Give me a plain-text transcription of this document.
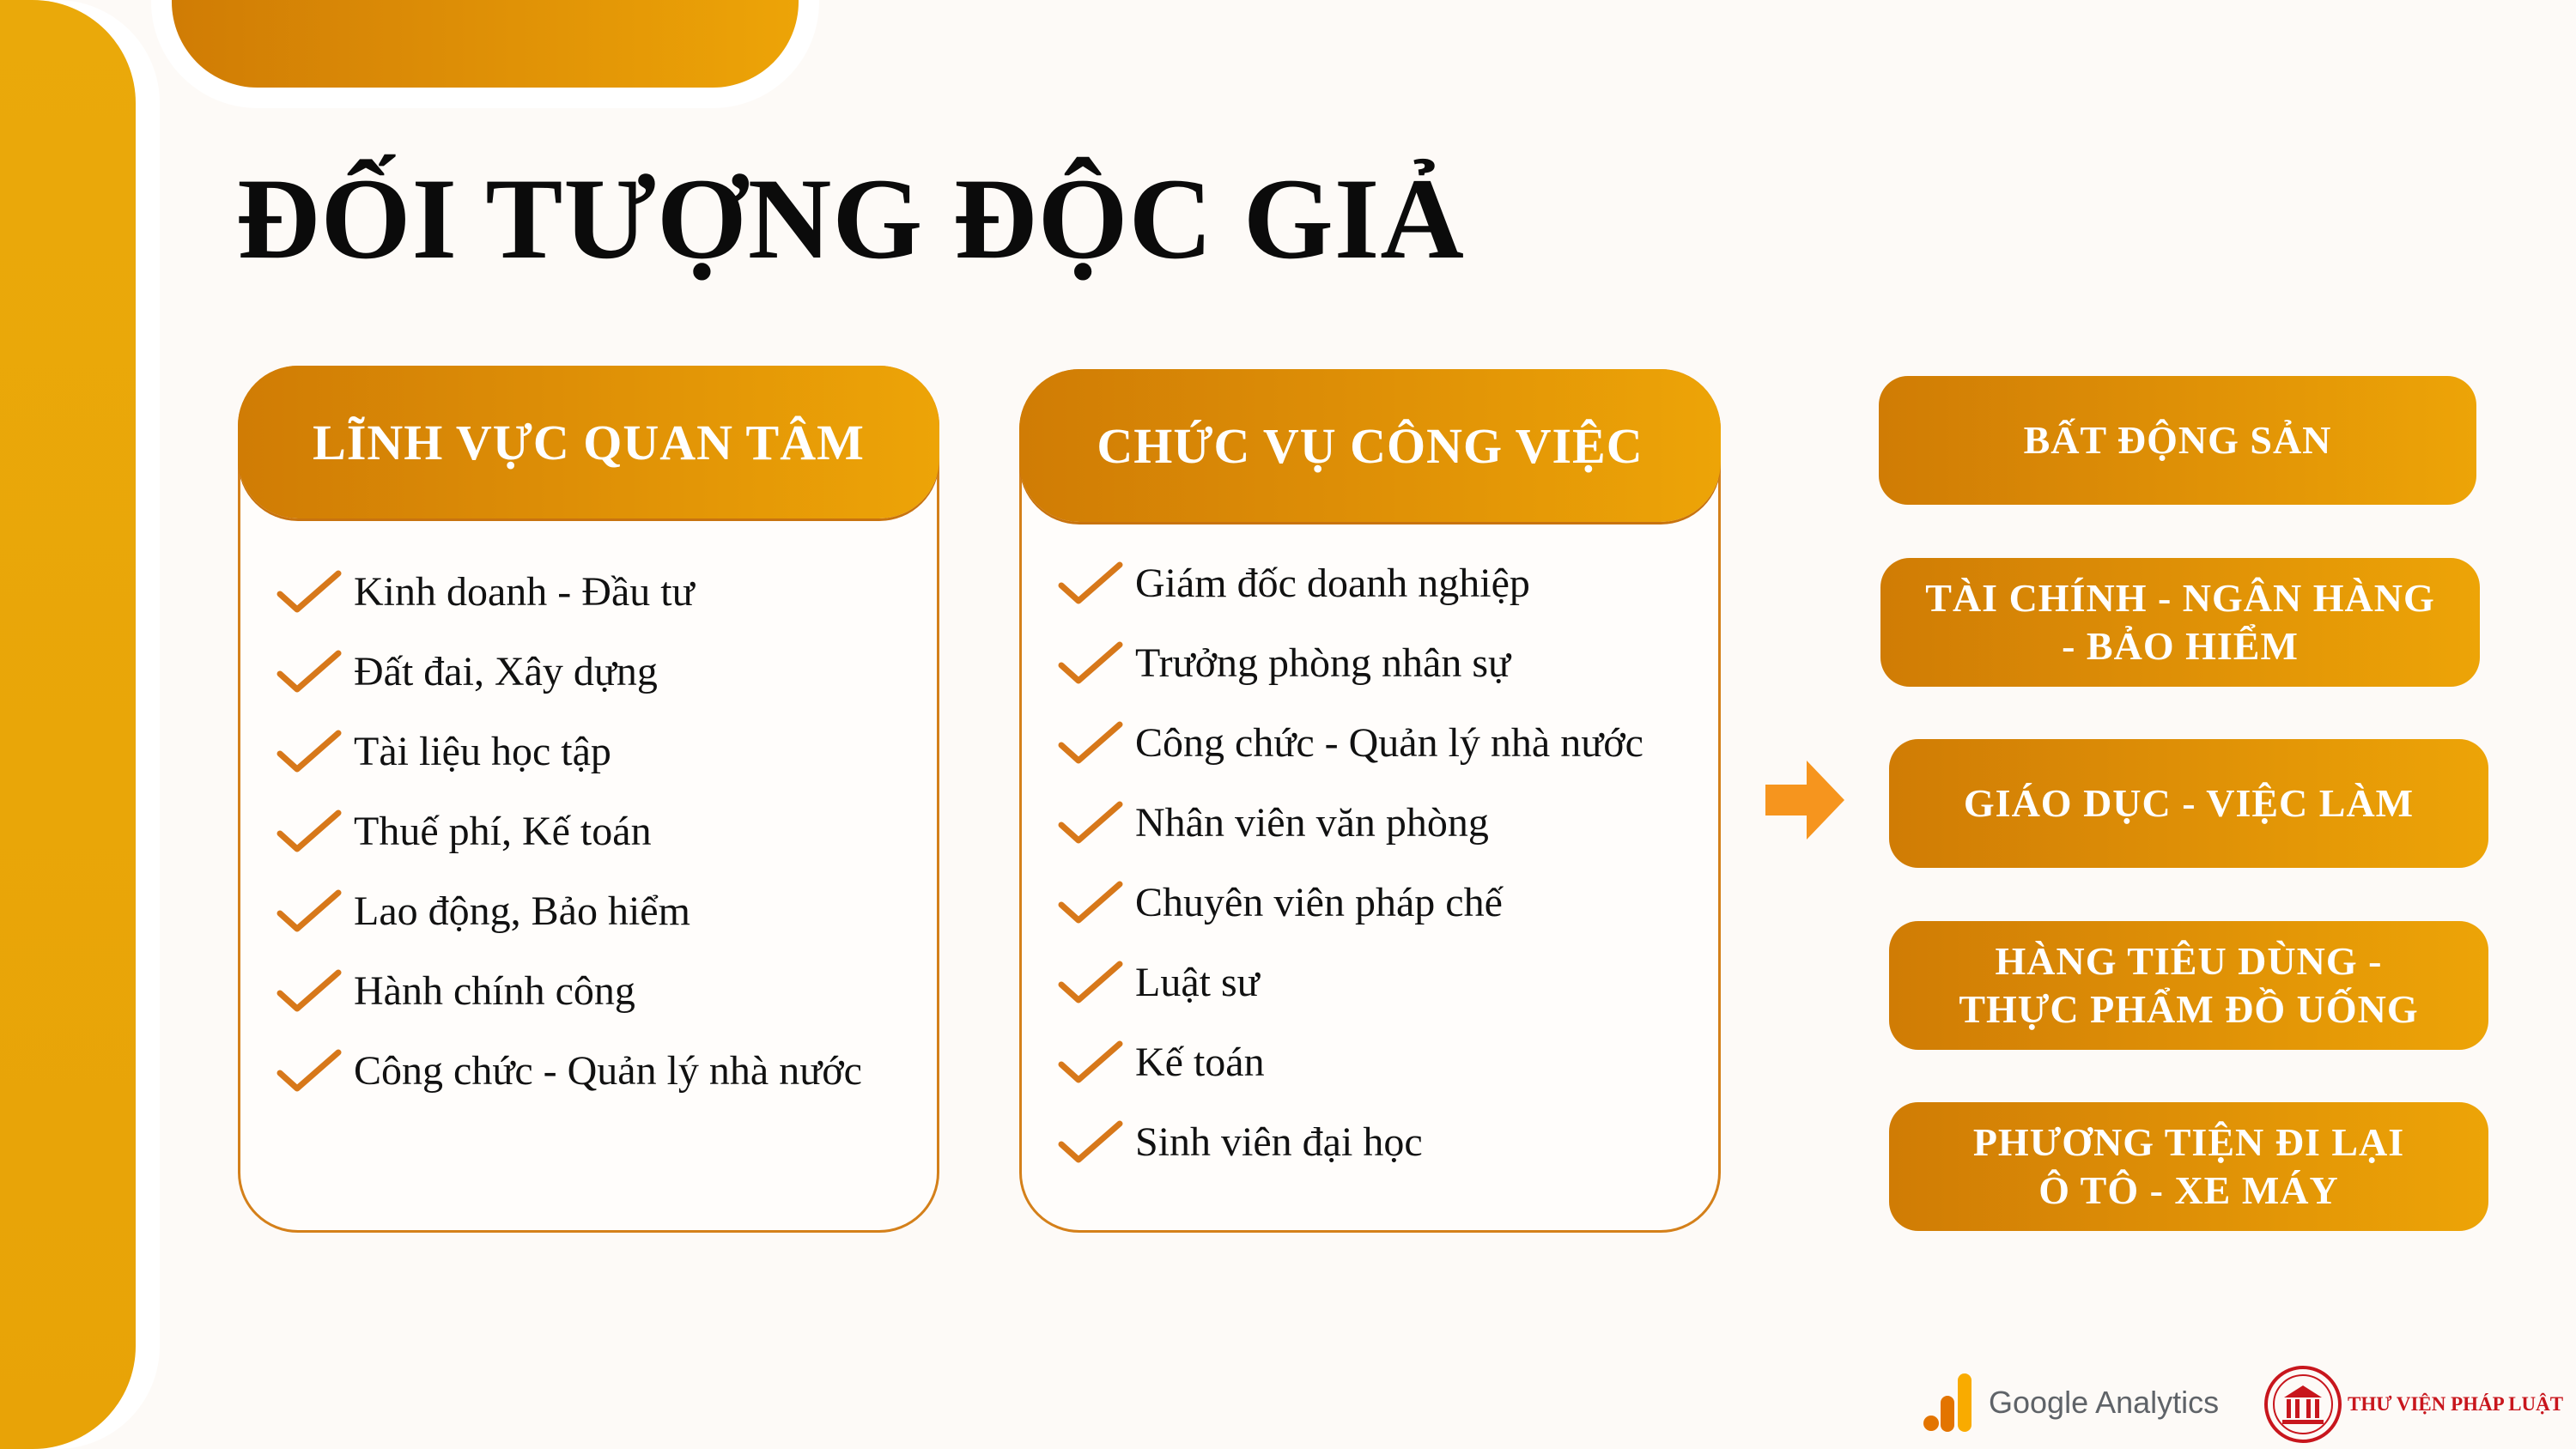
ĐỐI TƯỢNG ĐỘC GIẢ
LĨNH VỰC QUAN TÂM
Kinh doanh - Đầu tư
Đất đai, Xây dựng
Tài liệu học tập
Thuế phí, Kế toán
Lao động, Bảo hiểm
Hành chính công
Công chức - Quản lý nhà nước
CHỨC VỤ CÔNG VIỆC
Giám đốc doanh nghiệp
Trưởng phòng nhân sự
Công chức - Quản lý nhà nước
Nhân viên văn phòng
Chuyên viên pháp chế
Luật sư
Kế toán
Sinh viên đại học
BẤT ĐỘNG SẢN
TÀI CHÍNH - NGÂN HÀNG
- BẢO HIỂM
GIÁO DỤC - VIỆC LÀM
HÀNG TIÊU DÙNG -
THỰC PHẨM ĐỒ UỐNG
PHƯƠNG TIỆN ĐI LẠI
Ô TÔ - XE MÁY
Google Analytics	THƯ VIỆN PHÁP LUẬT
